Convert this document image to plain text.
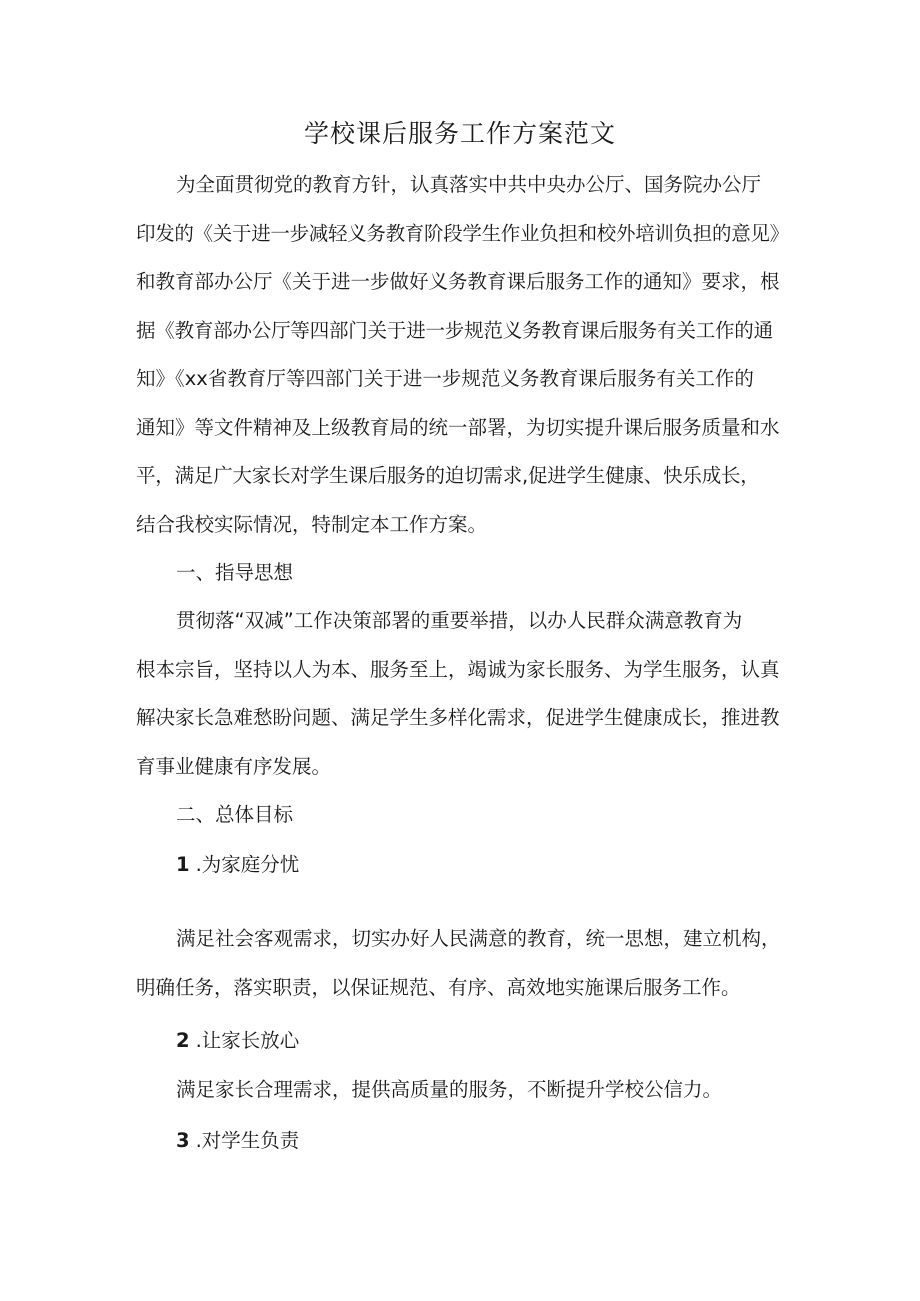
学校课后服务工作方案范文
为全面贯彻党的教育方针，认真落实中共中央办公厅、国务院办公厅
印发的《关于进一步减轻义务教育阶段学生作业负担和校外培训负担的意见》
和教育部办公厅《关于进一步做好义务教育课后服务工作的通知》要求，根
据《教育部办公厅等四部门关于进一步规范义务教育课后服务有关工作的通
知》《xx省教育厅等四部门关于进一步规范义务教育课后服务有关工作的
通知》等文件精神及上级教育局的统一部署，为切实提升课后服务质量和水
平，满足广大家长对学生课后服务的迫切需求,促进学生健康、快乐成长，
结合我校实际情况，特制定本工作方案。
一、指导思想
贯彻落“双减”工作决策部署的重要举措，以办人民群众满意教育为
根本宗旨，坚持以人为本、服务至上，竭诚为家长服务、为学生服务，认真
解决家长急难愁盼问题、满足学生多样化需求，促进学生健康成长，推进教
育事业健康有序发展。
二、总体目标
1 .为家庭分忧
满足社会客观需求，切实办好人民满意的教育，统一思想，建立机构，
明确任务，落实职责，以保证规范、有序、高效地实施课后服务工作。
2 .让家长放心
满足家长合理需求，提供高质量的服务，不断提升学校公信力。
3 .对学生负责
